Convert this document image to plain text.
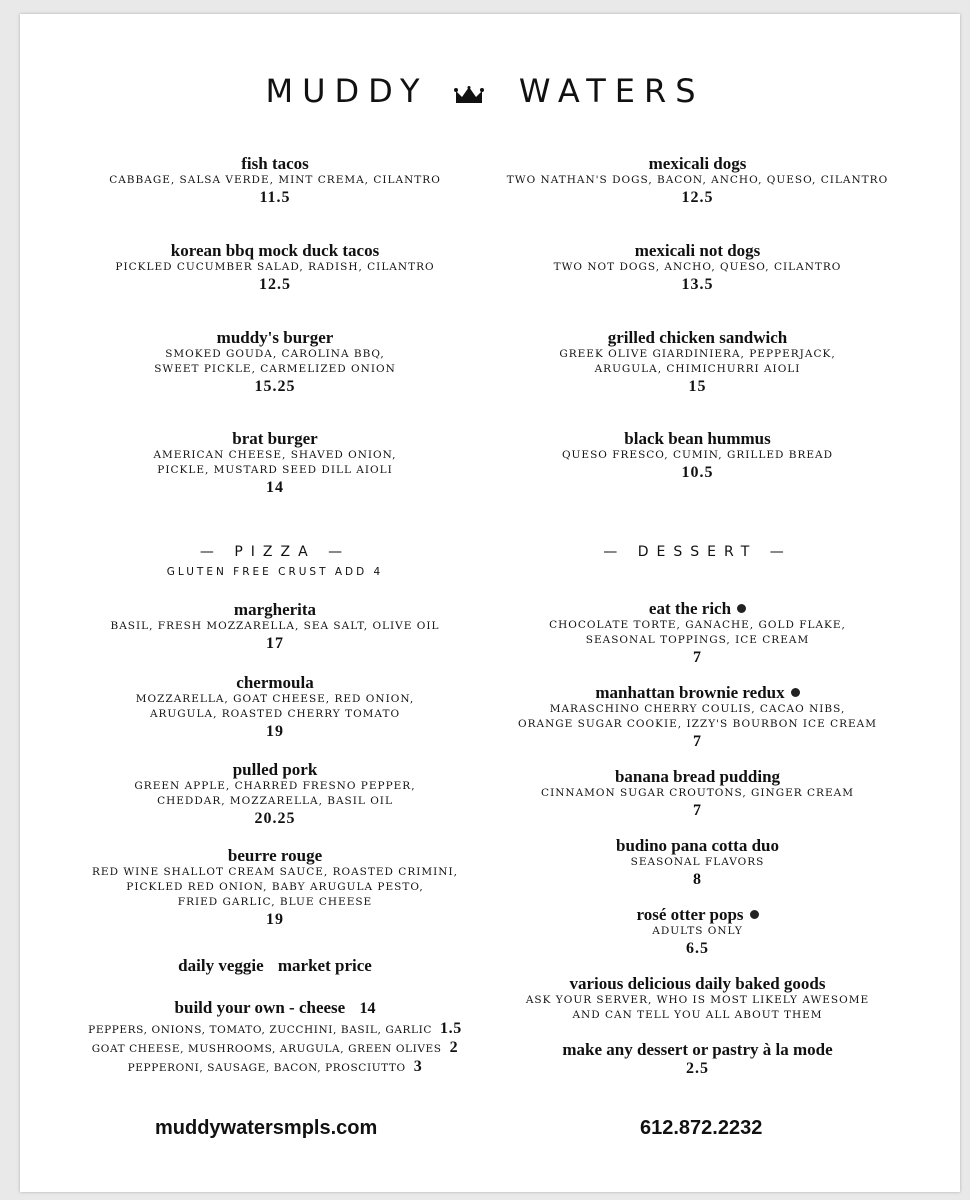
MUDDY	WATERS
fish tacos
CABBAGE, SALSA VERDE, MINT CREMA, CILANTRO
11.5
korean bbq mock duck tacos
PICKLED CUCUMBER SALAD, RADISH, CILANTRO
12.5
muddy's burger
SMOKED GOUDA, CAROLINA BBQ,
SWEET PICKLE, CARMELIZED ONION
15.25
brat burger
AMERICAN CHEESE, SHAVED ONION,
PICKLE, MUSTARD SEED DILL AIOLI
14
— PIZZA —
GLUTEN FREE CRUST ADD 4
margherita
BASIL, FRESH MOZZARELLA, SEA SALT, OLIVE OIL
17
chermoula
MOZZARELLA, GOAT CHEESE, RED ONION,
ARUGULA, ROASTED CHERRY TOMATO
19
pulled pork
GREEN APPLE, CHARRED FRESNO PEPPER,
CHEDDAR, MOZZARELLA, BASIL OIL
20.25
beurre rouge
RED WINE SHALLOT CREAM SAUCE, ROASTED CRIMINI,
PICKLED RED ONION, BABY ARUGULA PESTO,
FRIED GARLIC, BLUE CHEESE
19
daily veggie market price
build your own - cheese 14
PEPPERS, ONIONS, TOMATO, ZUCCHINI, BASIL, GARLIC 1.5
GOAT CHEESE, MUSHROOMS, ARUGULA, GREEN OLIVES 2
PEPPERONI, SAUSAGE, BACON, PROSCIUTTO 3
muddywatersmpls.com
mexicali dogs
TWO NATHAN'S DOGS, BACON, ANCHO, QUESO, CILANTRO
12.5
mexicali not dogs
TWO NOT DOGS, ANCHO, QUESO, CILANTRO
13.5
grilled chicken sandwich
GREEK OLIVE GIARDINIERA, PEPPERJACK,
ARUGULA, CHIMICHURRI AIOLI
15
black bean hummus
QUESO FRESCO, CUMIN, GRILLED BREAD
10.5
— DESSERT —
eat the rich
CHOCOLATE TORTE, GANACHE, GOLD FLAKE,
SEASONAL TOPPINGS, ICE CREAM
7
manhattan brownie redux
MARASCHINO CHERRY COULIS, CACAO NIBS,
ORANGE SUGAR COOKIE, IZZY'S BOURBON ICE CREAM
7
banana bread pudding
CINNAMON SUGAR CROUTONS, GINGER CREAM
7
budino pana cotta duo
SEASONAL FLAVORS
8
rosé otter pops
ADULTS ONLY
6.5
various delicious daily baked goods
ASK YOUR SERVER, WHO IS MOST LIKELY AWESOME
AND CAN TELL YOU ALL ABOUT THEM
make any dessert or pastry à la mode
2.5
612.872.2232
